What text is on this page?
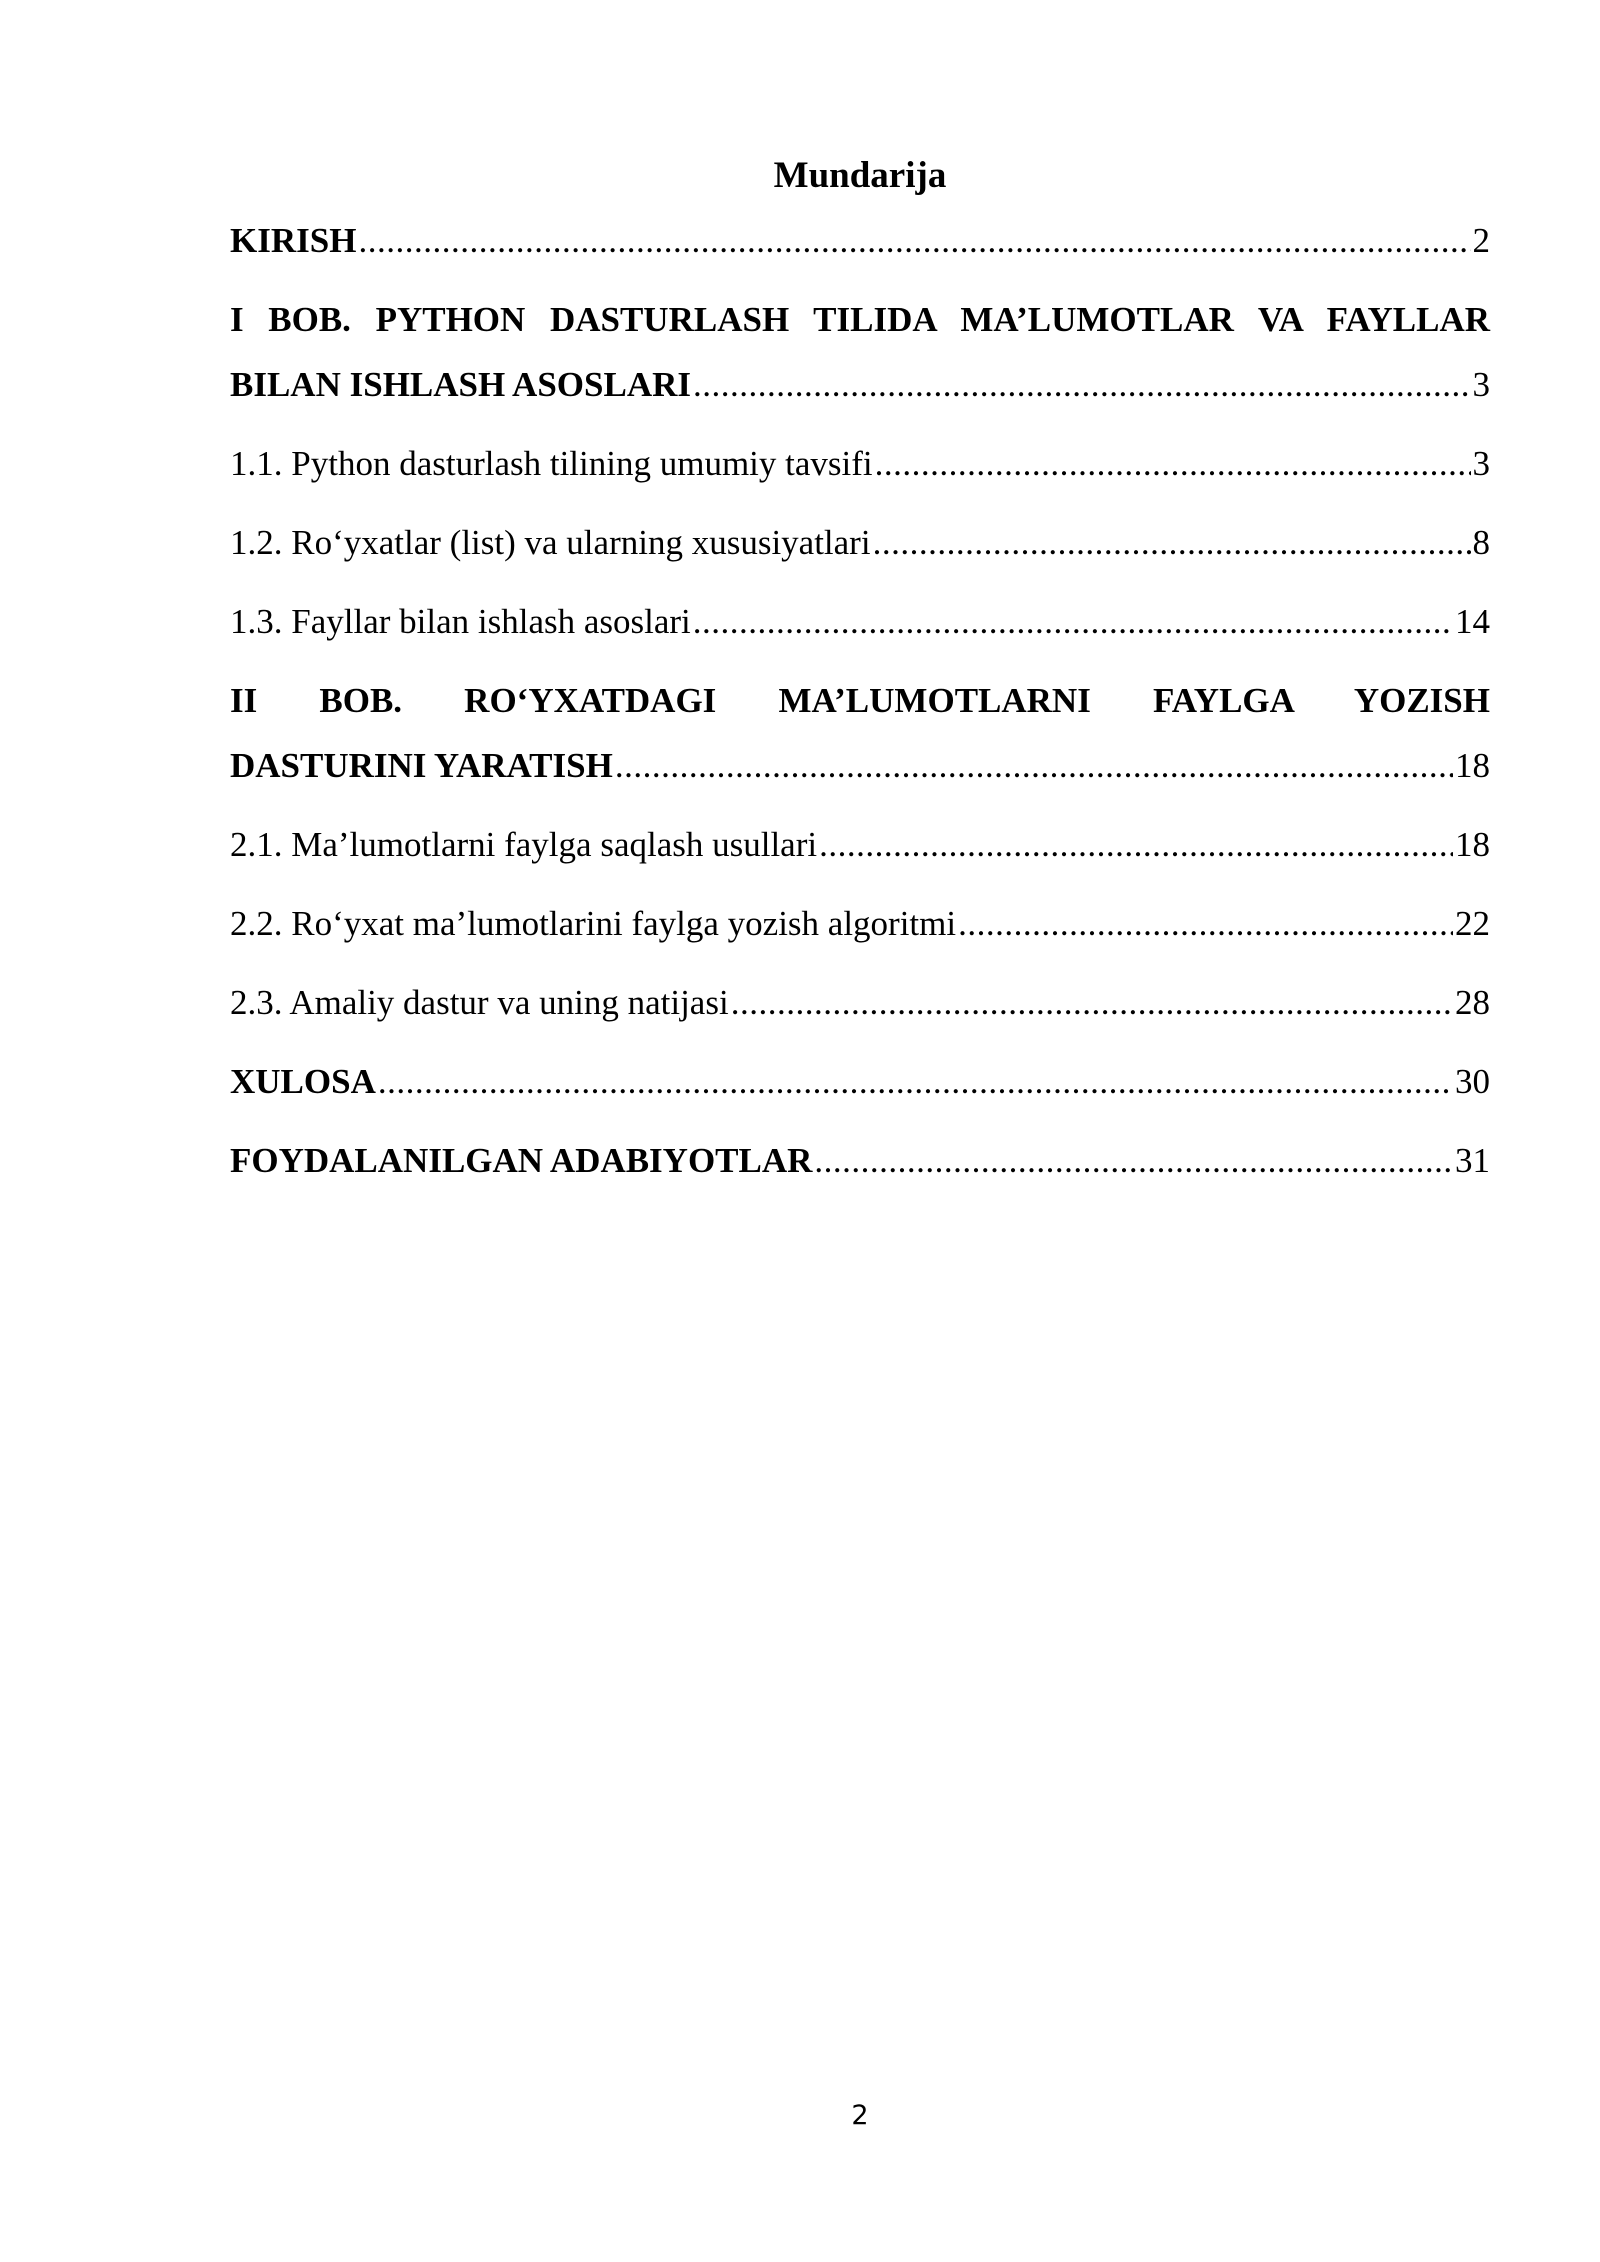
Mundarija
KIRISH .....	2
I BOB. PYTHON DASTURLASH TILIDA MA’LUMOTLAR VA FAYLLAR
BILAN ISHLASH ASOSLARI .....	3
1.1. Python dasturlash tilining umumiy tavsifi .....	3
1.2. Ro‘yxatlar (list) va ularning xususiyatlari .....	8
1.3. Fayllar bilan ishlash asoslari .....	14
II BOB. RO‘YXATDAGI MA’LUMOTLARNI FAYLGA YOZISH
DASTURINI YARATISH .....	18
2.1. Ma’lumotlarni faylga saqlash usullari .....	18
2.2. Ro‘yxat ma’lumotlarini faylga yozish algoritmi .....	22
2.3. Amaliy dastur va uning natijasi .....	28
XULOSA .....	30
FOYDALANILGAN ADABIYOTLAR .....	31
2
